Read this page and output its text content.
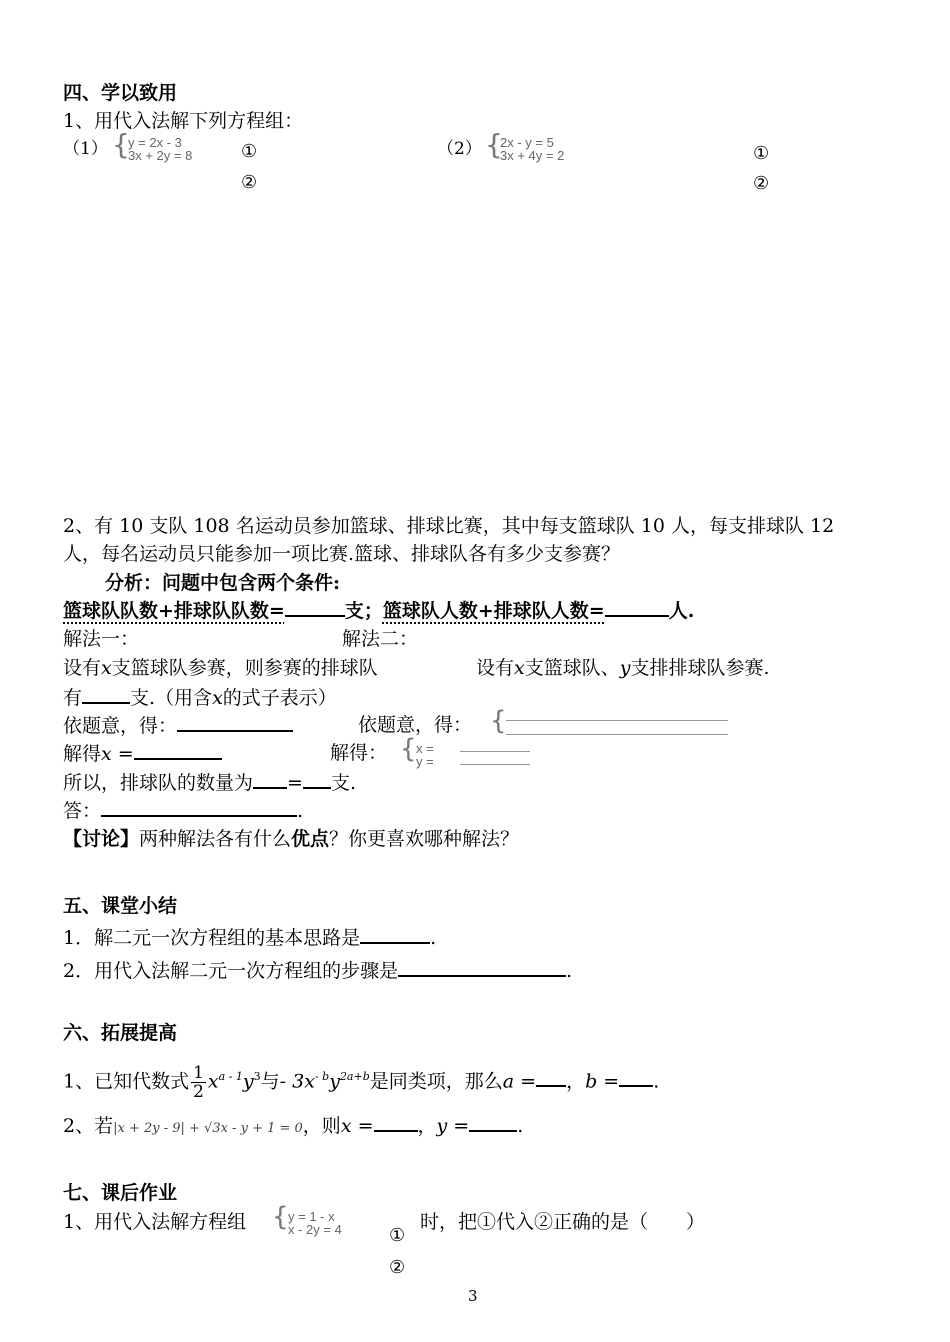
四、学以致用
1、用代入法解下列方程组：
（1） {
y = 2x - 3
3x + 2y = 8	①
②
（2） {
2x - y = 5
3x + 4y = 2	①
②
2、有 10 支队 108 名运动员参加篮球、排球比赛，其中每支篮球队 10 人，每支排球队 12
人，每名运动员只能参加一项比赛.篮球、排球队各有多少支参赛？
分析：问题中包含两个条件:
篮球队队数+排球队队数=	支；篮球队人数+排球队人数=	人.
解法一：	解法二：
设有x支篮球队参赛，则参赛的排球队	设有x支篮球队、y支排排球队参赛.
有	支.（用含x的式子表示）
依题意，得：	依题意，得： {
解得x =	解得： { x =
y =
所以，排球队的数量为 = 支.
答：	.
【讨论】两种解法各有什么优点？你更喜欢哪种解法？
五、课堂小结
1．解二元一次方程组的基本思路是	.
2．用代入法解二元一次方程组的步骤是	.
六、拓展提高
1、已知代数式 $\frac{1}{2} x^{a - 1}y^3$与- $3x^{- b}y^{2a+b}$是同类项，那么a = ，b = .
2、若|x + 2y - 9| + √3x - y + 1 = 0，则x = ，y =	.
七、课后作业
1、用代入法解方程组 { y = 1 - x
x - 2y = 4	时，把①代入②正确的是（　　）
①
②
3
